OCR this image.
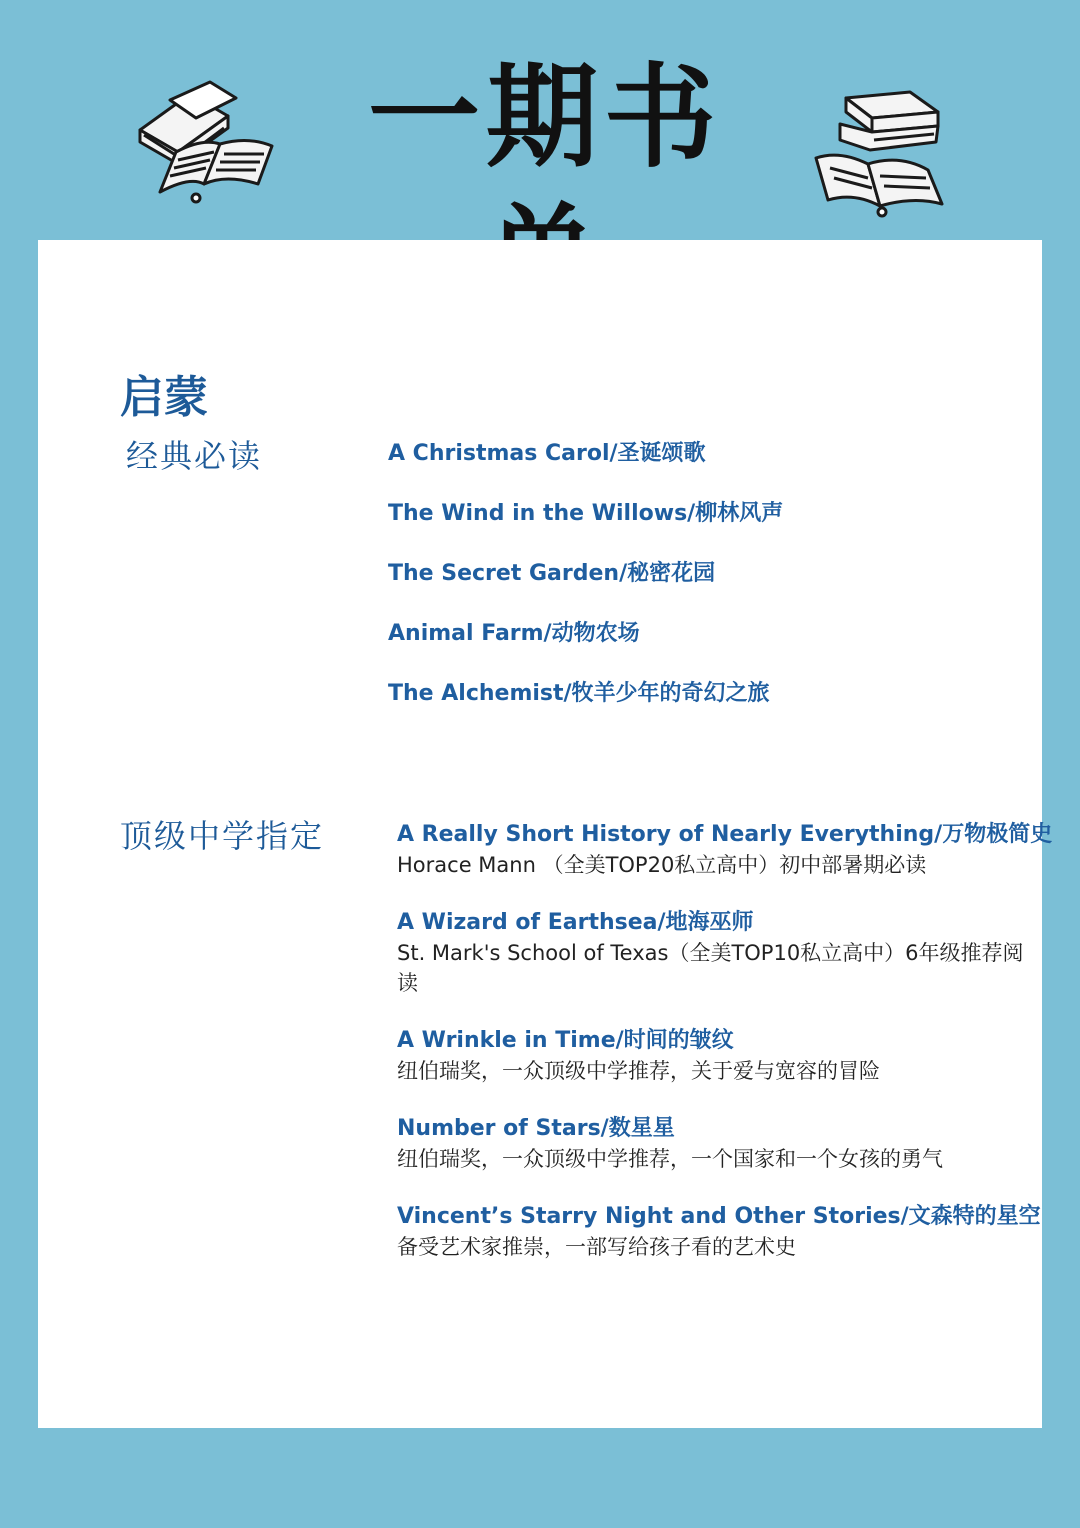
一期书
启蒙
经典必读	A Christmas Carol/圣诞颂歌
The Wind in the Willows/柳林风声
The Secret Garden/秘密花园
Animal Farm/动物农场
The Alchemist/牧羊少年的奇幻之旅
顶级中学指定	A Really Short History of Nearly Everything/万物极简史
Horace Mann （全美TOP20私立高中）初中部暑期必读
A Wizard of Earthsea/地海巫师
St. Mark's School of Texas（全美TOP10私立高中）6年级推荐阅读
A Wrinkle in Time/时间的皱纹
纽伯瑞奖，一众顶级中学推荐，关于爱与宽容的冒险
Number of Stars/数星星
纽伯瑞奖，一众顶级中学推荐，一个国家和一个女孩的勇气
Vincent’s Starry Night and Other Stories/文森特的星空
备受艺术家推崇，一部写给孩子看的艺术史
